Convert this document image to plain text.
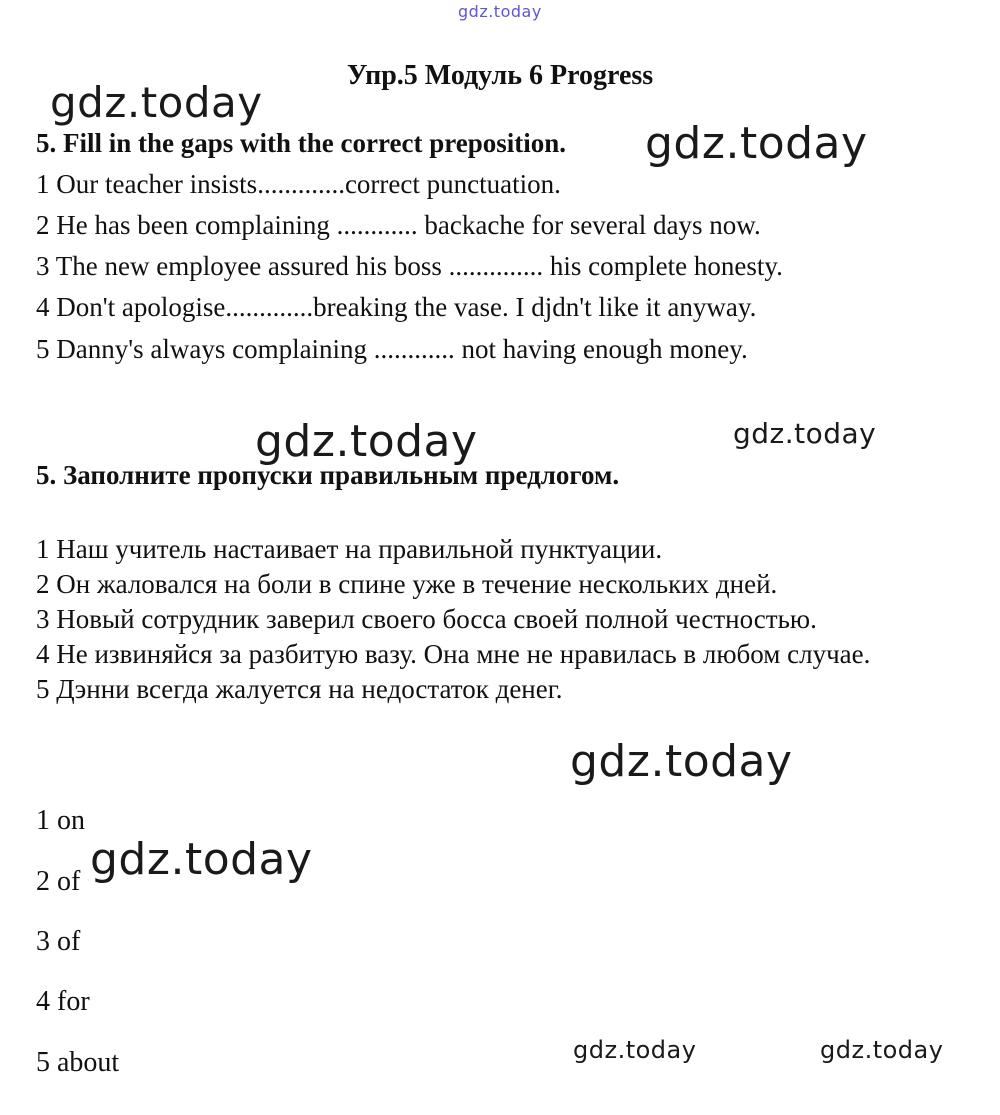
gdz.today
gdz.today
gdz.today
gdz.today	gdz.today
gdz.today
gdz.today
gdz.today	gdz.today
Упр.5 Модуль 6 Progress
5. Fill in the gaps with the correct preposition.
1 Our teacher insists.............correct punctuation.
2 He has been complaining ............ backache for several days now.
3 The new employee assured his boss .............. his complete honesty.
4 Don't apologise.............breaking the vase. I djdn't like it anyway.
5 Danny's always complaining ............ not having enough money.
5. Заполните пропуски правильным предлогом.

1 Наш учитель настаивает на правильной пунктуации.

2 Он жаловался на боли в спине уже в течение нескольких дней.

3 Новый сотрудник заверил своего босса своей полной честностью.

4 Не извиняйся за разбитую вазу. Она мне не нравилась в любом случае.

5 Дэнни всегда жалуется на недостаток денег.

1 on
2 of
3 of
4 for
5 about
